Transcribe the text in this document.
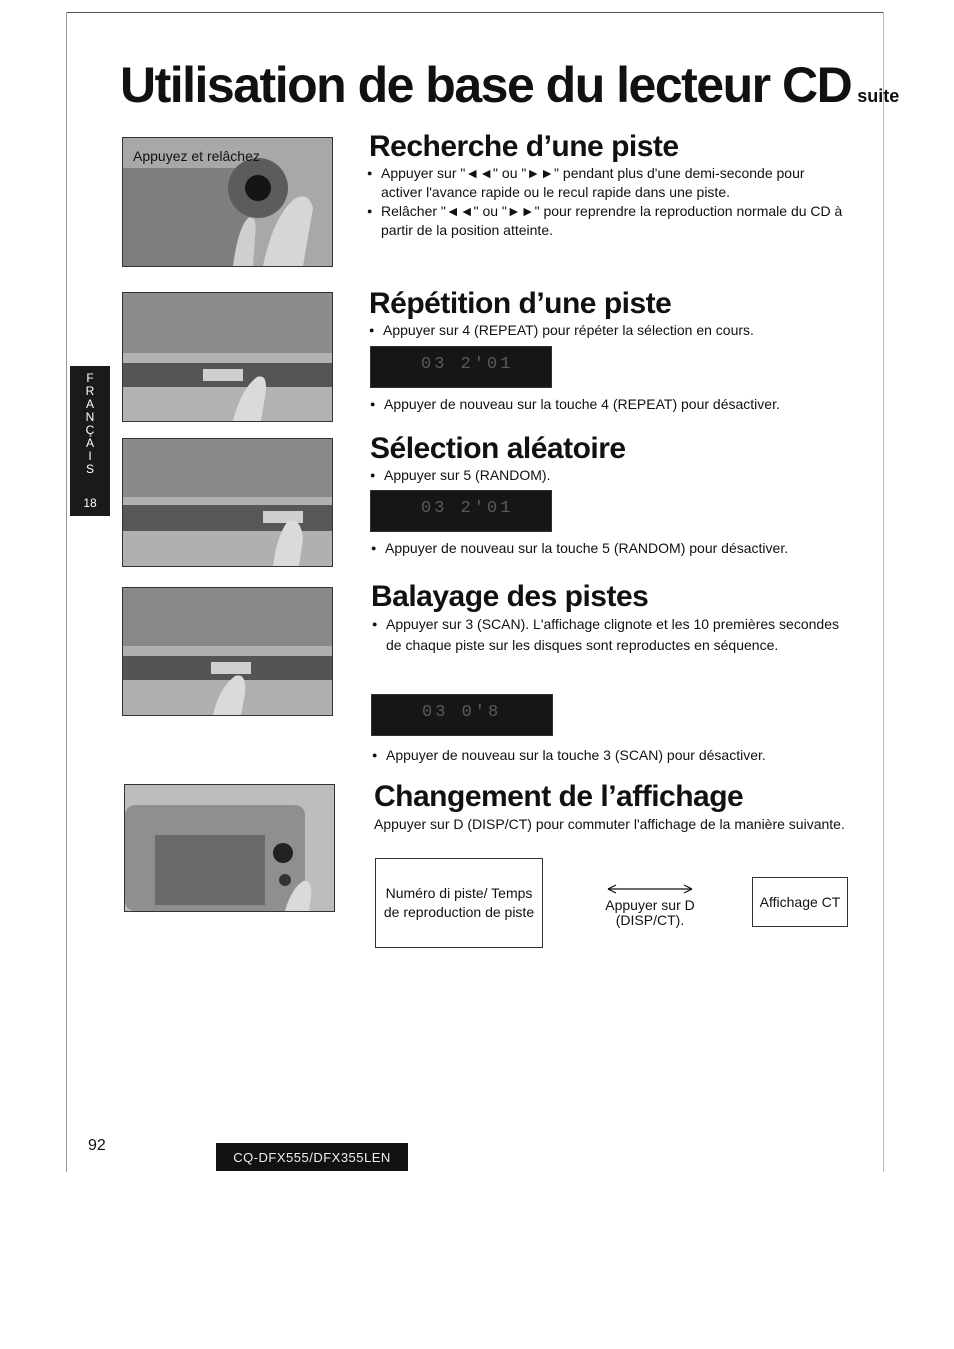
Utilisation de base du lecteur CD suite
Appuyez et relâchez
F
R
A
N
Ç
A
I
S
18
Recherche d’une piste
● Appuyer sur "◄◄" ou "►►" pendant plus d'une demi-seconde pour activer l'avance rapide ou le recul rapide dans une piste.
● Relâcher "◄◄" ou "►►" pour reprendre la reproduction normale du CD à partir de la position atteinte.
Répétition d’une piste
● Appuyer sur 4 (REPEAT) pour répéter la sélection en cours.
03 2'01
● Appuyer de nouveau sur la touche 4 (REPEAT) pour désactiver.
Sélection aléatoire
● Appuyer sur 5 (RANDOM).
03 2'01
● Appuyer de nouveau sur la touche 5 (RANDOM) pour désactiver.
Balayage des pistes
● Appuyer sur 3 (SCAN). L'affichage clignote et les 10 premières secondes de chaque piste sur les disques sont reproductes en séquence.
03 0'8
● Appuyer de nouveau sur la touche 3 (SCAN) pour désactiver.
Changement de l’affichage
Appuyer sur D (DISP/CT) pour commuter l'affichage de la manière suivante.
Numéro di piste/ Temps de reproduction de piste	Appuyer sur D (DISP/CT).
Affichage CT
92
CQ-DFX555/DFX355LEN
